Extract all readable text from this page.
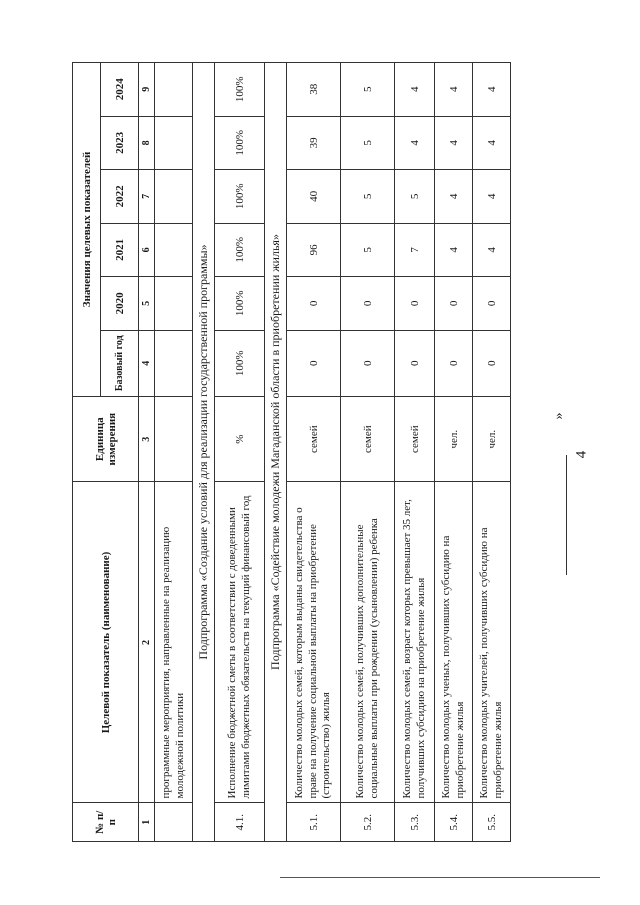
4
»
№ п/п	Целевой показатель (наименование)	Единица измерения	Значения целевых показателей					
			Базовый год	2020	2021	2022	2023	2024
1	2	3	4	5	6	7	8	9
	программные мероприятия, направленные на реализацию молодежной политики							
Подпрограмма «Создание условий для реализации государственной программы»								
4.1.	Исполнение бюджетной сметы в соответствии с доведенными лимитами бюджетных обязательств на текущий финансовый год	%	100%	100%	100%	100%	100%	100%
Подпрограмма «Содействие молодежи Магаданской области в приобретении жилья»								
5.1.	Количество молодых семей, которым выданы свидетельства о праве на получение социальной выплаты на приобретение (строительство) жилья	семей	0	0	96	40	39	38
5.2.	Количество молодых семей, получивших дополнительные социальные выплаты при рождении (усыновлении) ребенка	семей	0	0	5	5	5	5
5.3.	Количество молодых семей, возраст которых превышает 35 лет, получивших субсидию на приобретение жилья	семей	0	0	7	5	4	4
5.4.	Количество молодых ученых, получивших субсидию на приобретение жилья	чел.	0	0	4	4	4	4
5.5.	Количество молодых учителей, получивших субсидию на приобретение жилья	чел.	0	0	4	4	4	4
